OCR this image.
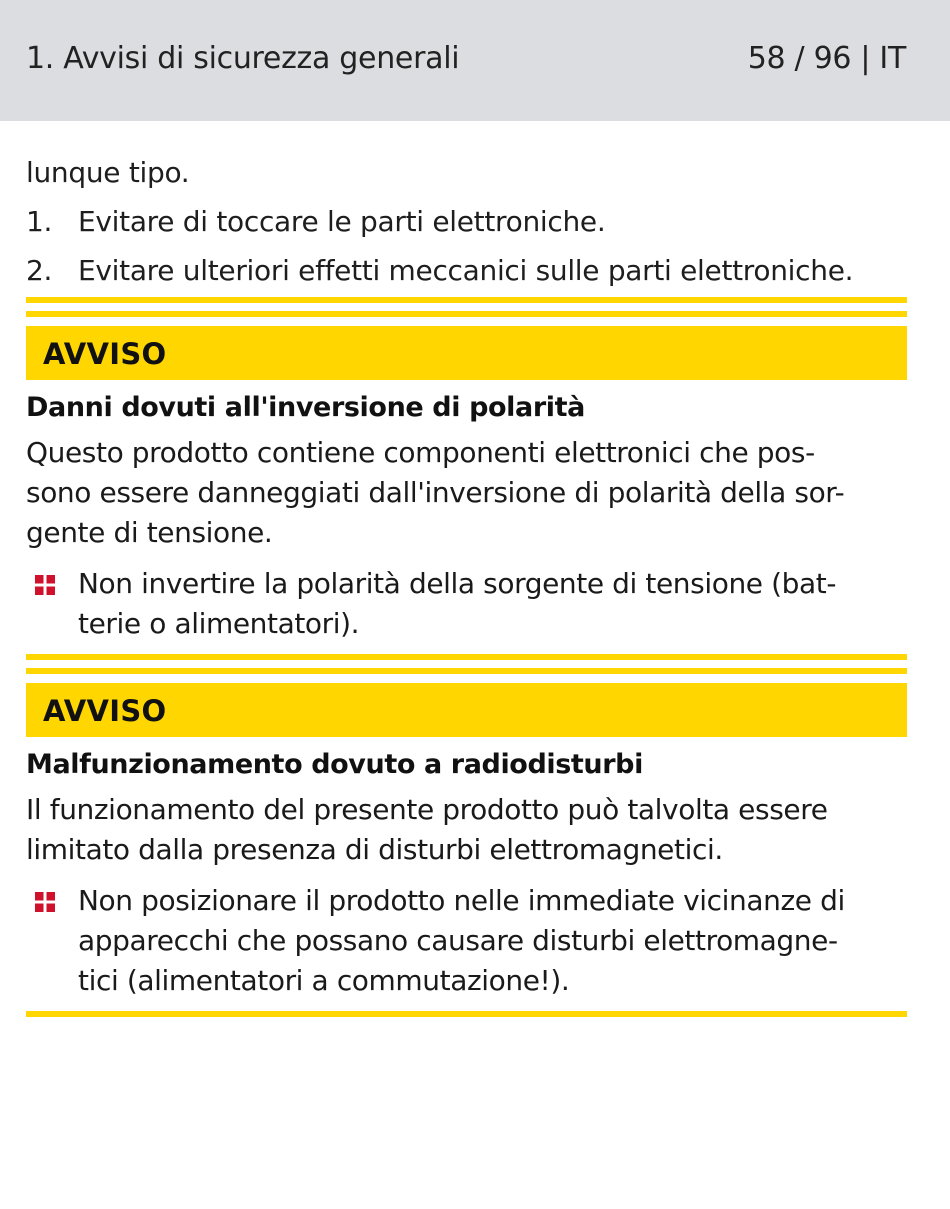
1. Avvisi di sicurezza generali	58 / 96 | IT

lunque tipo.

1. Evitare di toccare le parti elettroniche.
2. Evitare ulteriori effetti meccanici sulle parti elettroniche.
AVVISO
Danni dovuti all'inversione di polarità
Questo prodotto contiene componenti elettronici che pos-
sono essere danneggiati dall'inversione di polarità della sor-
gente di tensione.
Non invertire la polarità della sorgente di tensione (bat-
terie o alimentatori).
AVVISO
Malfunzionamento dovuto a radiodisturbi
Il funzionamento del presente prodotto può talvolta essere
limitato dalla presenza di disturbi elettromagnetici.
Non posizionare il prodotto nelle immediate vicinanze di
apparecchi che possano causare disturbi elettromagne-
tici (alimentatori a commutazione!).
